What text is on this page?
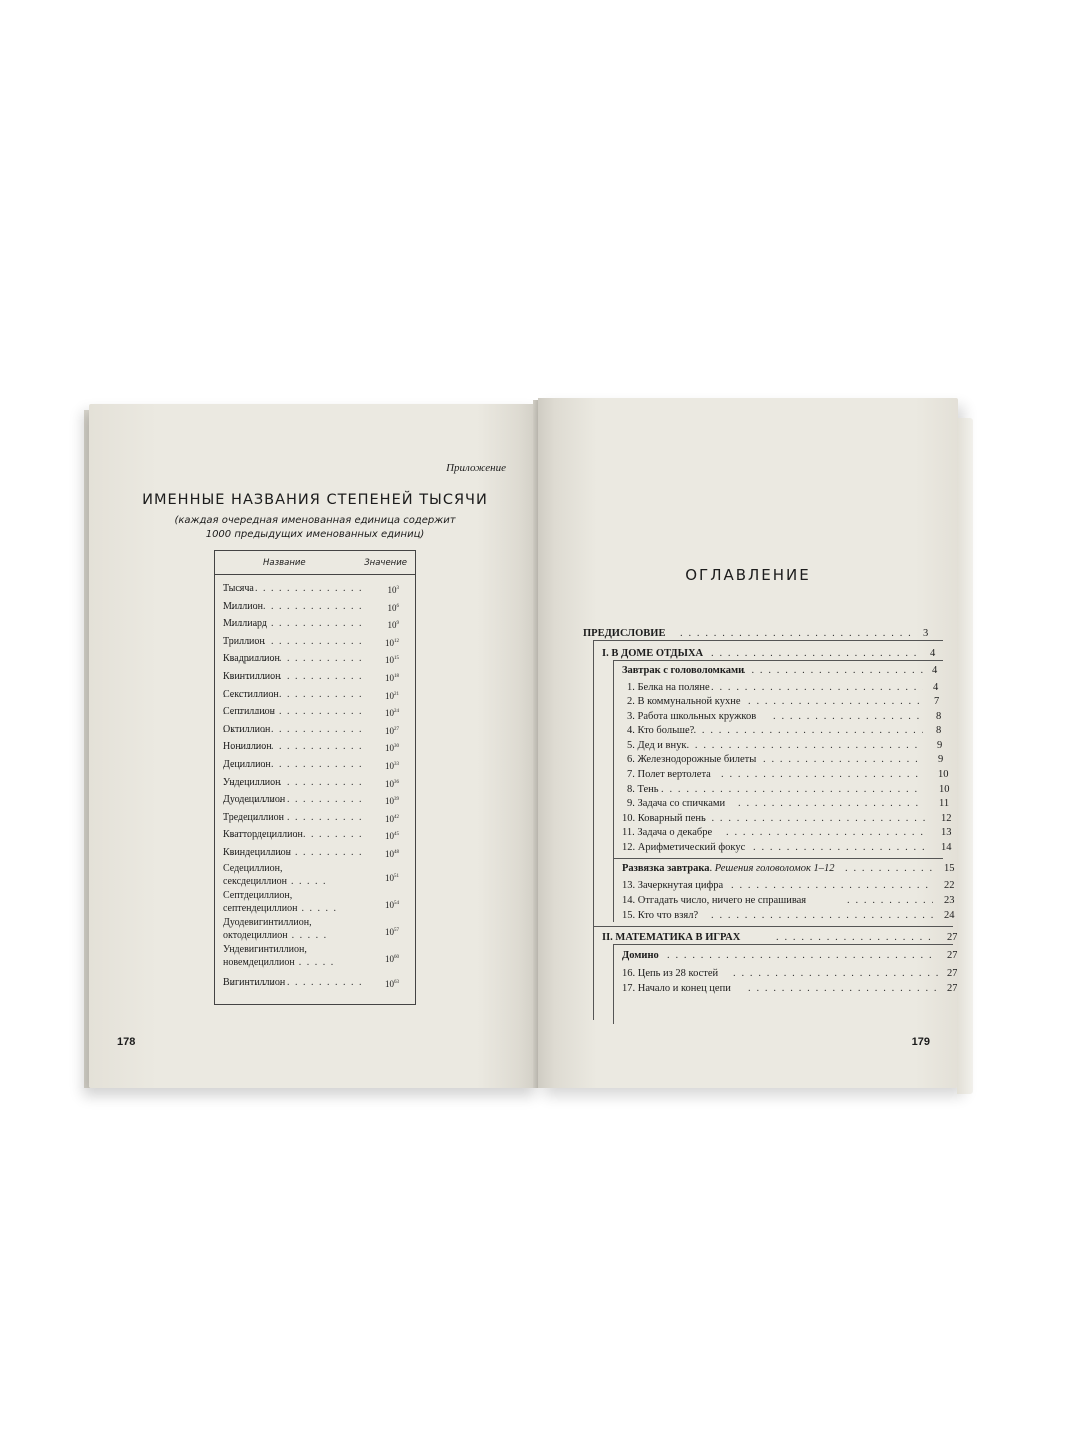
Приложение
ИМЕННЫЕ НАЗВАНИЯ СТЕПЕНЕЙ ТЫСЯЧИ
(каждая очередная именованная единица содержит
1000 предыдущих именованных единиц)
Название	Значение
. . .
Тысяча	$10^3$
. . .
Миллион	$10^6$
. . .
Миллиард	$10^9$
. . .
Триллион	$10^{12}$
. . .
Квадриллион	$10^{15}$
. . .
Квинтиллион	$10^{18}$
. . .
Секстиллион	$10^{21}$
. . .
Септиллион	$10^{24}$
. . .
Октиллион	$10^{27}$
. . .
Нониллион	$10^{30}$
. . .
Дециллион	$10^{33}$
. . .
Ундециллион	$10^{36}$
. . .
Дуодециллион	$10^{39}$
. . .
Тредециллион	$10^{42}$
. . .
Кваттордециллион	$10^{45}$
. . .
Квиндециллион	$10^{48}$
Седециллион,
сексдециллион . . . . .	$10^{51}$
Септдециллион,
септендециллион . . . . .	$10^{54}$
Дуодевигинтиллион,
октодециллион . . . . .	$10^{57}$
Ундевигинтиллион,
новемдециллион . . . . .	$10^{60}$
. . .
Вигинтиллион	$10^{63}$
178
ОГЛАВЛЕНИЕ
. . .
ПРЕДИСЛОВИЕ	3
. . .
I. В ДОМЕ ОТДЫХА	4
. . .
Завтрак с головоломками	4
. . .
1. Белка на поляне	4
. . .
2. В коммунальной кухне	7
. . .
3. Работа школьных кружков	8
. . .
4. Кто больше?	8
. . .
5. Дед и внук	9
. . .
6. Железнодорожные билеты	9
. . .
7. Полет вертолета	10
. . .
8. Тень	10
. . .
9. Задача со спичками	11
. . .
10. Коварный пень	12
. . .
11. Задача о декабре	13
. . .
12. Арифметический фокус	14
. . .
Развязка завтрака. Решения головоломок 1–12	15
. . .
13. Зачеркнутая цифра	22
. . .
14. Отгадать число, ничего не спрашивая	23
. . .
15. Кто что взял?	24
. . .
II. МАТЕМАТИКА В ИГРАХ	27
. . .
Домино	27
. . .
16. Цепь из 28 костей	27
. . .
17. Начало и конец цепи	27
179
